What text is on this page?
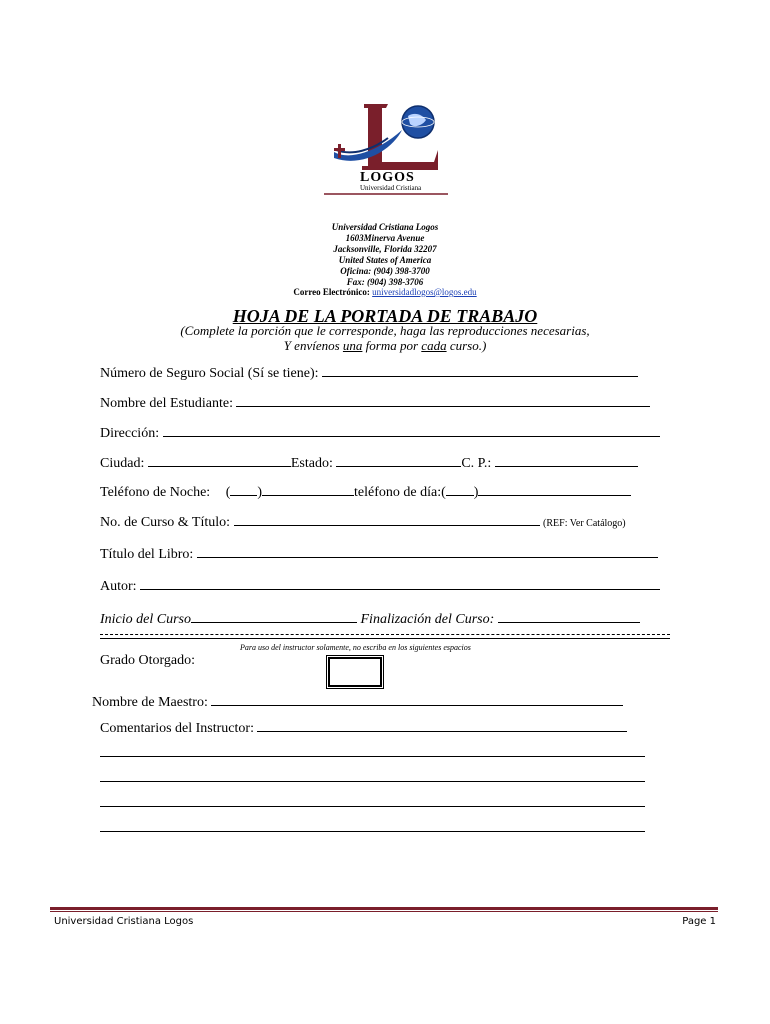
LOGOS
Universidad Cristiana
Universidad Cristiana Logos
1603Minerva Avenue
Jacksonville, Florida 32207
United States of America
Oficina: (904) 398-3700
Fax: (904) 398-3706
Correo Electrónico: universidadlogos@logos.edu
HOJA DE LA PORTADA DE TRABAJO
(Complete la porción que le corresponde, haga las reproducciones necesarias,
Y envíenos una forma por cada curso.)
Número de Seguro Social (Sí se tiene):
Nombre del Estudiante:
Dirección:
Ciudad:	Estado:	C. P.:
Teléfono de Noche: ( )	teléfono de día:( )
No. de Curso & Título:	(REF: Ver Catálogo)
Título del Libro:
Autor:
Inicio del Curso	Finalización del Curso:
Para uso del instructor solamente, no escriba en los siguientes espacios
Grado Otorgado:
Nombre de Maestro:
Comentarios del Instructor:
Universidad Cristiana Logos	Page 1
